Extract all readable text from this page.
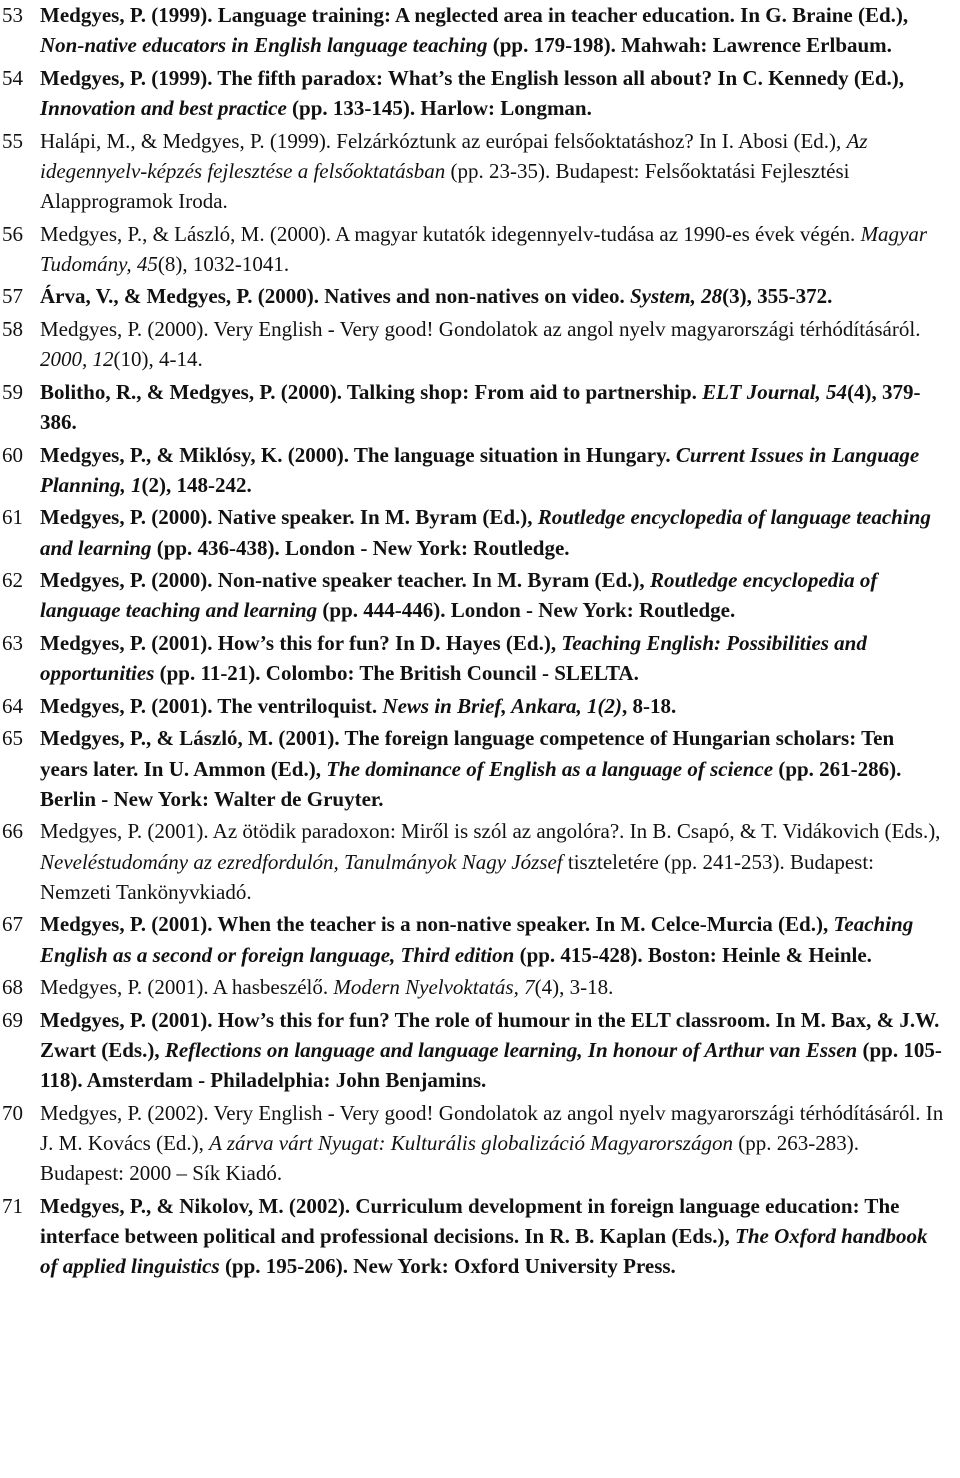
53 Medgyes, P. (1999). Language training: A neglected area in teacher education. In G. Braine (Ed.), Non-native educators in English language teaching (pp. 179-198). Mahwah: Lawrence Erlbaum.
54 Medgyes, P. (1999). The fifth paradox: What’s the English lesson all about? In C. Kennedy (Ed.), Innovation and best practice (pp. 133-145). Harlow: Longman.
55 Halápi, M., & Medgyes, P. (1999). Felzárkóztunk az európai felsőoktatáshoz? In I. Abosi (Ed.), Az idegennyelv-képzés fejlesztése a felsőoktatásban (pp. 23-35). Budapest: Felsőoktatási Fejlesztési Alapprogramok Iroda.
56 Medgyes, P., & László, M. (2000). A magyar kutatók idegennyelv-tudása az 1990-es évek végén. Magyar Tudomány, 45(8), 1032-1041.
57 Árva, V., & Medgyes, P. (2000). Natives and non-natives on video. System, 28(3), 355-372.
58 Medgyes, P. (2000). Very English - Very good! Gondolatok az angol nyelv magyarországi térhódításáról. 2000, 12(10), 4-14.
59 Bolitho, R., & Medgyes, P. (2000). Talking shop: From aid to partnership. ELT Journal, 54(4), 379-386.
60 Medgyes, P., & Miklósy, K. (2000). The language situation in Hungary. Current Issues in Language Planning, 1(2), 148-242.
61 Medgyes, P. (2000). Native speaker. In M. Byram (Ed.), Routledge encyclopedia of language teaching and learning (pp. 436-438). London - New York: Routledge.
62 Medgyes, P. (2000). Non-native speaker teacher. In M. Byram (Ed.), Routledge encyclopedia of language teaching and learning (pp. 444-446). London - New York: Routledge.
63 Medgyes, P. (2001). How’s this for fun? In D. Hayes (Ed.), Teaching English: Possibilities and opportunities (pp. 11-21). Colombo: The British Council - SLELTA.
64 Medgyes, P. (2001). The ventriloquist. News in Brief, Ankara, 1(2), 8-18.
65 Medgyes, P., & László, M. (2001). The foreign language competence of Hungarian scholars: Ten years later. In U. Ammon (Ed.), The dominance of English as a language of science (pp. 261-286). Berlin - New York: Walter de Gruyter.
66 Medgyes, P. (2001). Az ötödik paradoxon: Miről is szól az angolóra?. In B. Csapó, & T. Vidákovich (Eds.), Neveléstudomány az ezredfordulón, Tanulmányok Nagy József tiszteletére (pp. 241-253). Budapest: Nemzeti Tankönyvkiadó.
67 Medgyes, P. (2001). When the teacher is a non-native speaker. In M. Celce-Murcia (Ed.), Teaching English as a second or foreign language, Third edition (pp. 415-428). Boston: Heinle & Heinle.
68 Medgyes, P. (2001). A hasbeszélő. Modern Nyelvoktatás, 7(4), 3-18.
69 Medgyes, P. (2001). How’s this for fun? The role of humour in the ELT classroom. In M. Bax, & J.W. Zwart (Eds.), Reflections on language and language learning, In honour of Arthur van Essen (pp. 105-118). Amsterdam - Philadelphia: John Benjamins.
70 Medgyes, P. (2002). Very English - Very good! Gondolatok az angol nyelv magyarországi térhódításáról. In J. M. Kovács (Ed.), A zárva várt Nyugat: Kulturális globalizáció Magyarországon (pp. 263-283). Budapest: 2000 – Sík Kiadó.
71 Medgyes, P., & Nikolov, M. (2002). Curriculum development in foreign language education: The interface between political and professional decisions. In R. B. Kaplan (Eds.), The Oxford handbook of applied linguistics (pp. 195-206). New York: Oxford University Press.
